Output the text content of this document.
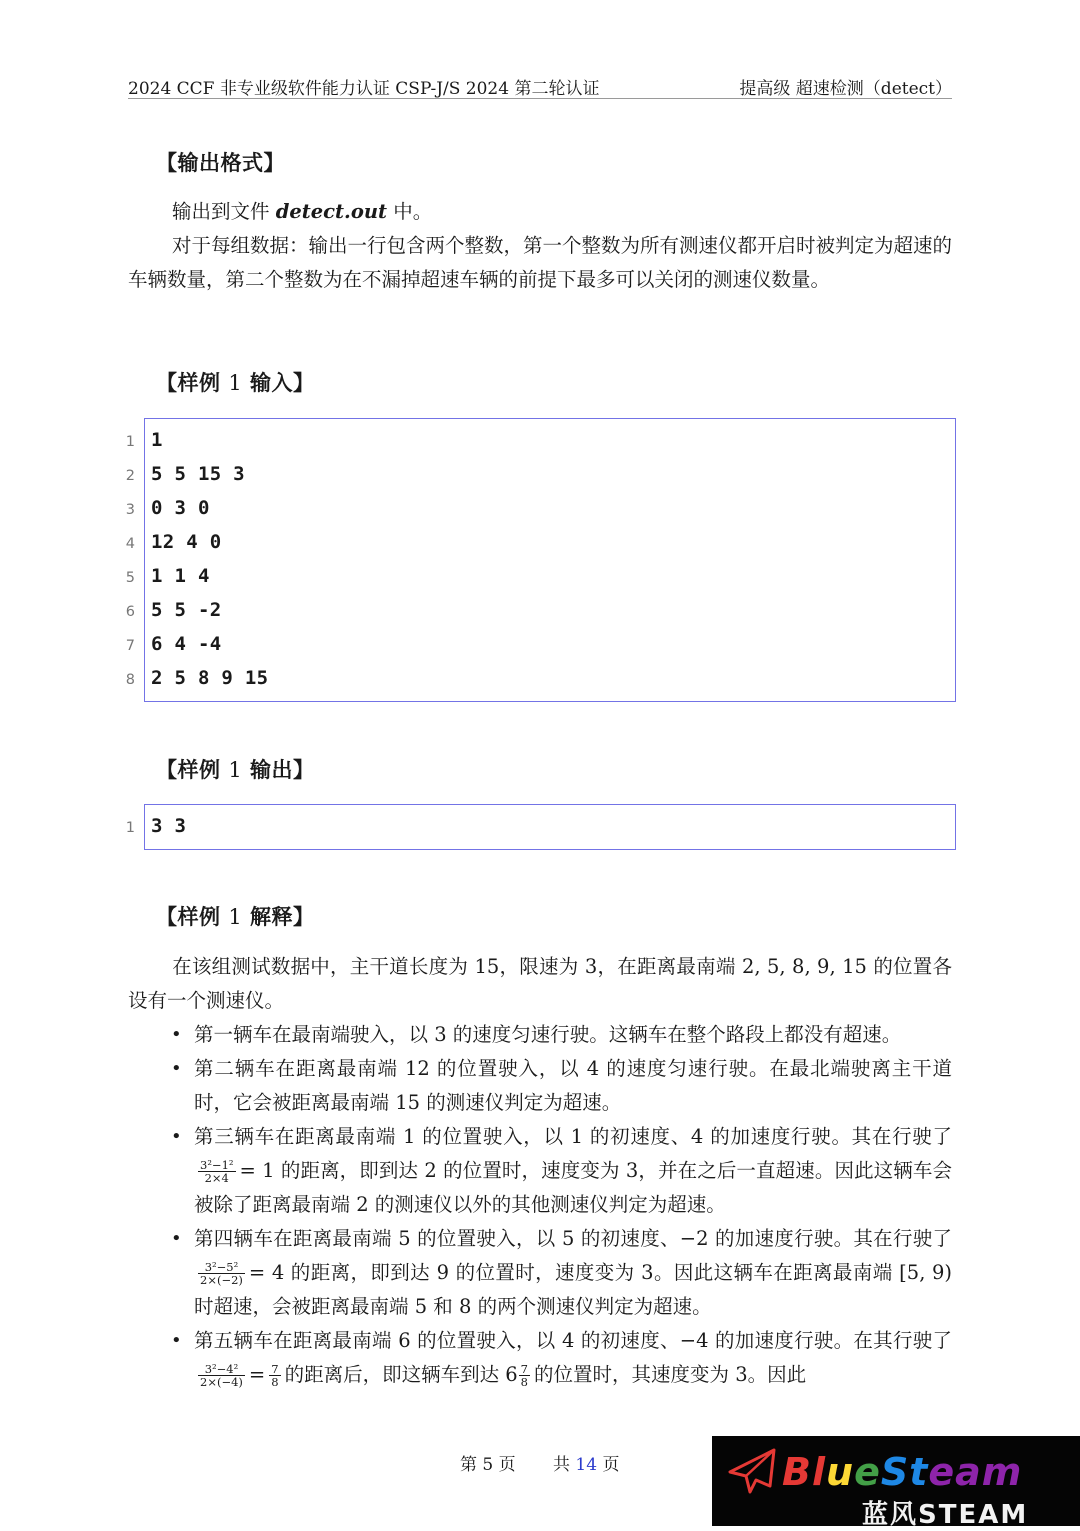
2024 CCF 非专业级软件能力认证 CSP-J/S 2024 第二轮认证	提高级 超速检测（detect）
【输出格式】
输出到文件 detect.out 中。
对于每组数据：输出一行包含两个整数，第一个整数为所有测速仪都开启时被判定为超速的车辆数量，第二个整数为在不漏掉超速车辆的前提下最多可以关闭的测速仪数量。
【样例 1 输入】
1 1
2 5 5 15 3
3 0 3 0
4 12 4 0
5 1 1 4
6 5 5 -2
7 6 4 -4
8 2 5 8 9 15
【样例 1 输出】
1 3 3
【样例 1 解释】
在该组测试数据中，主干道长度为 15，限速为 3，在距离最南端 2, 5, 8, 9, 15 的位置各设有一个测速仪。
• 第一辆车在最南端驶入，以 3 的速度匀速行驶。这辆车在整个路段上都没有超速。
• 第二辆车在距离最南端 12 的位置驶入，以 4 的速度匀速行驶。在最北端驶离主干道时，它会被距离最南端 15 的测速仪判定为超速。
• 第三辆车在距离最南端 1 的位置驶入，以 1 的初速度、4 的加速度行驶。其在行驶了
$\frac{\text{3²−1²}}{2\times 4} = 1$ 的距离，即到达 2 的位置时，速度变为 3，并在之后一直超速。因此这辆车会被除了距离最南端 2 的测速仪以外的其他测速仪判定为超速。
• 第四辆车在距离最南端 5 的位置驶入，以 5 的初速度、−2 的加速度行驶。其在行驶了
$\frac{\text{3²−5²}}{2\times(-2)} = 4$ 的距离，即到达 9 的位置时，速度变为 3。因此这辆车在距离最南端 [5, 9) 时超速，会被距离最南端 5 和 8 的两个测速仪判定为超速。
• 第五辆车在距离最南端 6 的位置驶入，以 4 的初速度、−4 的加速度行驶。在其行驶了
$\frac{\text{3²−4²}}{2\times(-4)} = \frac{7}{8}$ 的距离后，即这辆车到达 $6 \frac{7}{8}$ 的位置时，其速度变为 3。因此
第 5 页 共 14 页	BlueSteam
蓝风STEAM
